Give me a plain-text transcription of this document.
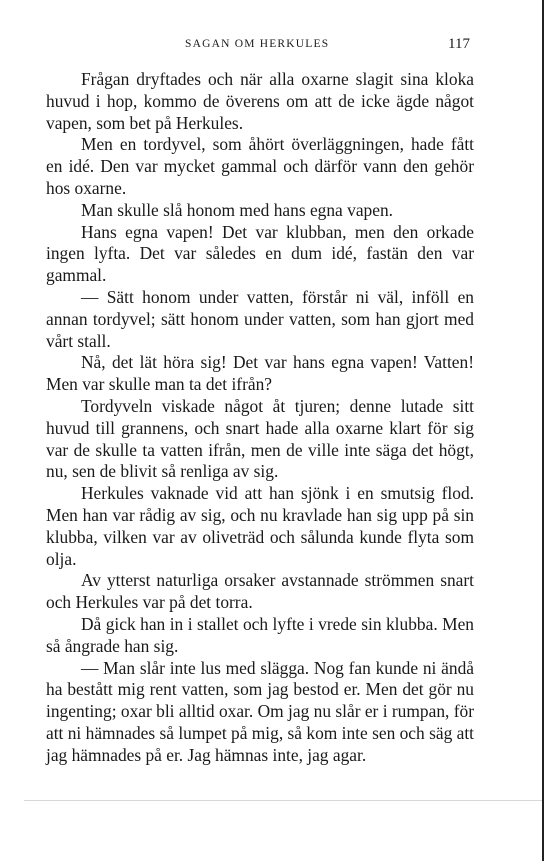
SAGAN OM HERKULES	117

Frågan dryftades och när alla oxarne slagit sina kloka huvud i hop, kommo de överens om att de icke ägde något vapen, som bet på Herkules.

Men en tordyvel, som åhört överläggningen, hade fått en idé. Den var mycket gammal och därför vann den gehör hos oxarne.

Man skulle slå honom med hans egna vapen.

Hans egna vapen! Det var klubban, men den orkade ingen lyfta. Det var således en dum idé, fastän den var gammal.

— Sätt honom under vatten, förstår ni väl, inföll en annan tordyvel; sätt honom under vatten, som han gjort med vårt stall.

Nå, det lät höra sig! Det var hans egna vapen! Vatten! Men var skulle man ta det ifrån?

Tordyveln viskade något åt tjuren; denne lutade sitt huvud till grannens, och snart hade alla oxarne klart för sig var de skulle ta vatten ifrån, men de ville inte säga det högt, nu, sen de blivit så renliga av sig.

Herkules vaknade vid att han sjönk i en smutsig flod. Men han var rådig av sig, och nu kravlade han sig upp på sin klubba, vilken var av oliveträd och sålunda kunde flyta som olja.

Av ytterst naturliga orsaker avstannade strömmen snart och Herkules var på det torra.

Då gick han in i stallet och lyfte i vrede sin klubba. Men så ångrade han sig.

— Man slår inte lus med slägga. Nog fan kunde ni ändå ha bestått mig rent vatten, som jag bestod er. Men det gör nu ingenting; oxar bli alltid oxar. Om jag nu slår er i rumpan, för att ni hämnades så lumpet på mig, så kom inte sen och säg att jag hämnades på er. Jag hämnas inte, jag agar.
